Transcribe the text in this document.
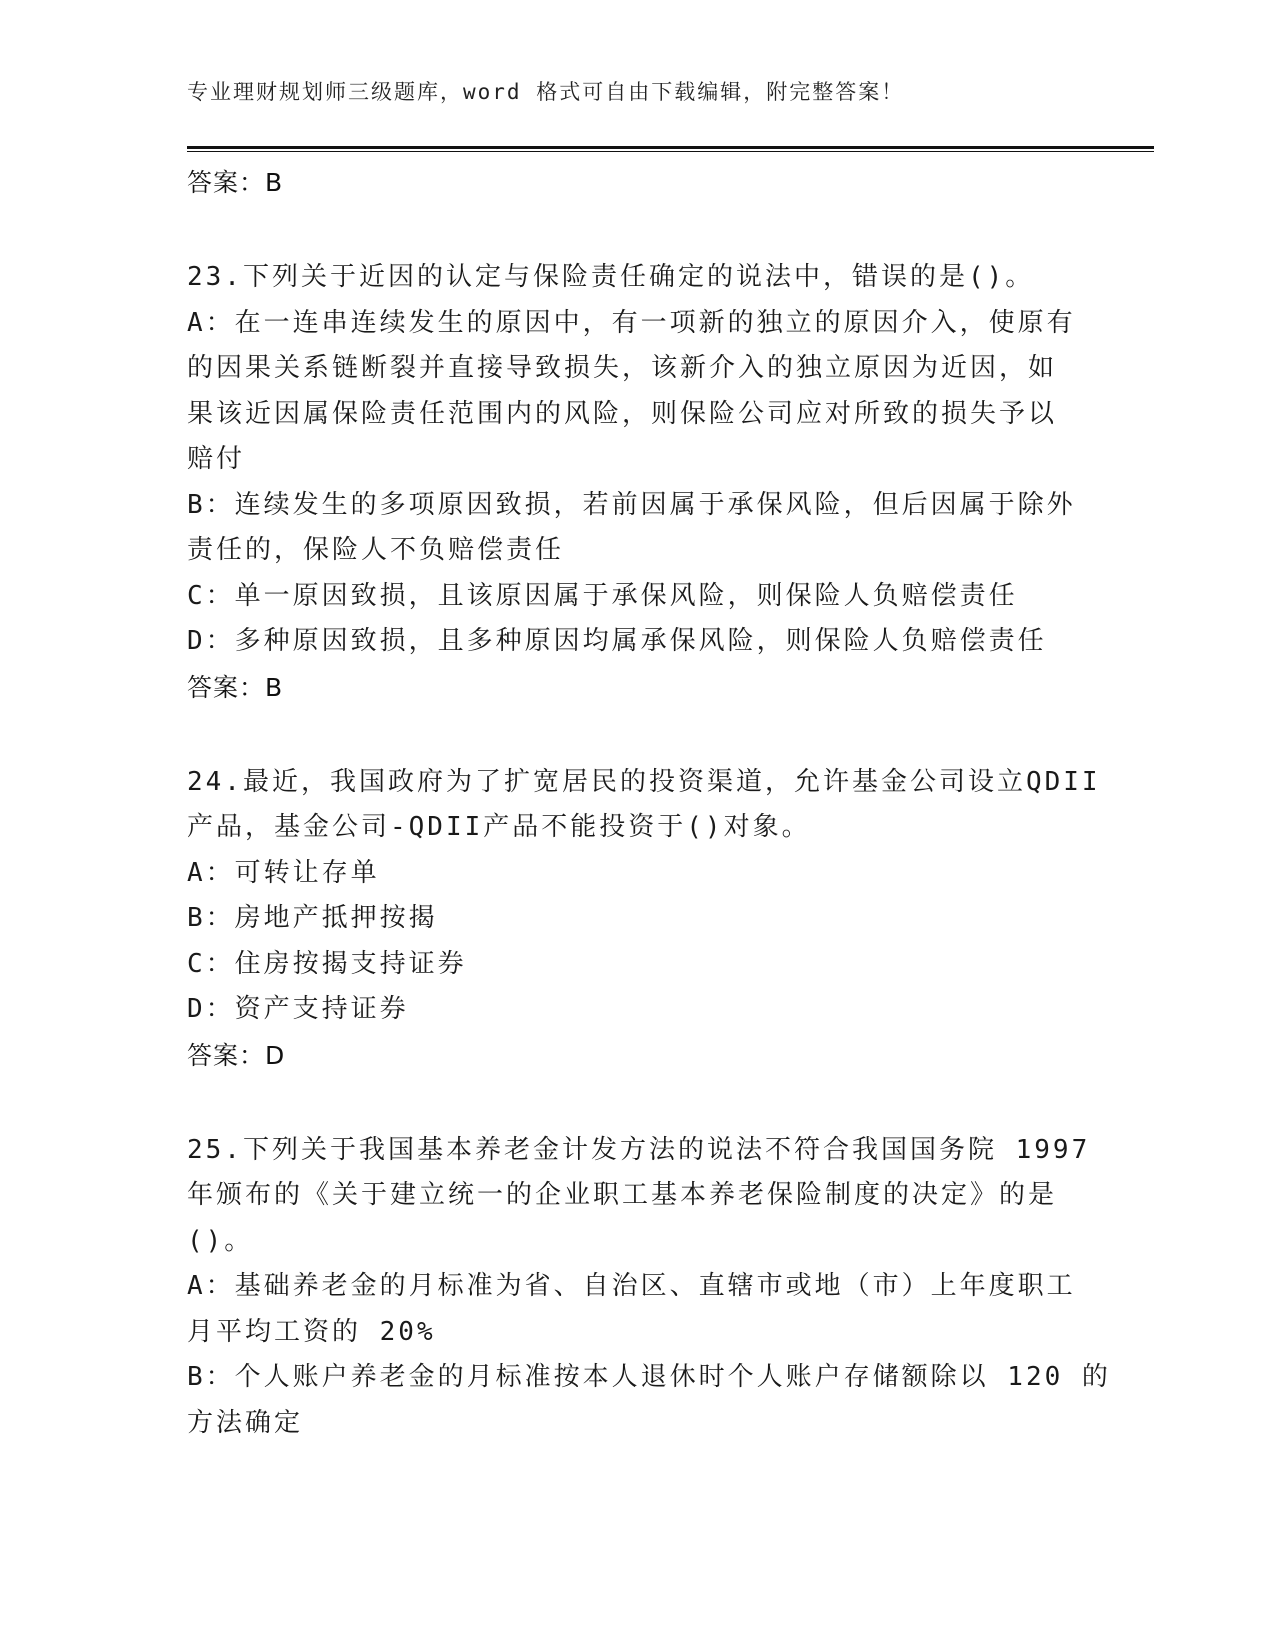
专业理财规划师三级题库，word 格式可自由下载编辑，附完整答案！
答案：B
23.下列关于近因的认定与保险责任确定的说法中，错误的是()。
A：在一连串连续发生的原因中，有一项新的独立的原因介入，使原有
的因果关系链断裂并直接导致损失，该新介入的独立原因为近因，如
果该近因属保险责任范围内的风险，则保险公司应对所致的损失予以
赔付
B：连续发生的多项原因致损，若前因属于承保风险，但后因属于除外
责任的，保险人不负赔偿责任
C：单一原因致损，且该原因属于承保风险，则保险人负赔偿责任
D：多种原因致损，且多种原因均属承保风险，则保险人负赔偿责任
答案：B
24.最近，我国政府为了扩宽居民的投资渠道，允许基金公司设立QDII
产品，基金公司-QDII产品不能投资于()对象。
A：可转让存单
B：房地产抵押按揭
C：住房按揭支持证券
D：资产支持证券
答案：D
25.下列关于我国基本养老金计发方法的说法不符合我国国务院 1997
年颁布的《关于建立统一的企业职工基本养老保险制度的决定》的是
()。
A：基础养老金的月标准为省、自治区、直辖市或地（市）上年度职工
月平均工资的 20%
B：个人账户养老金的月标准按本人退休时个人账户存储额除以 120 的
方法确定
